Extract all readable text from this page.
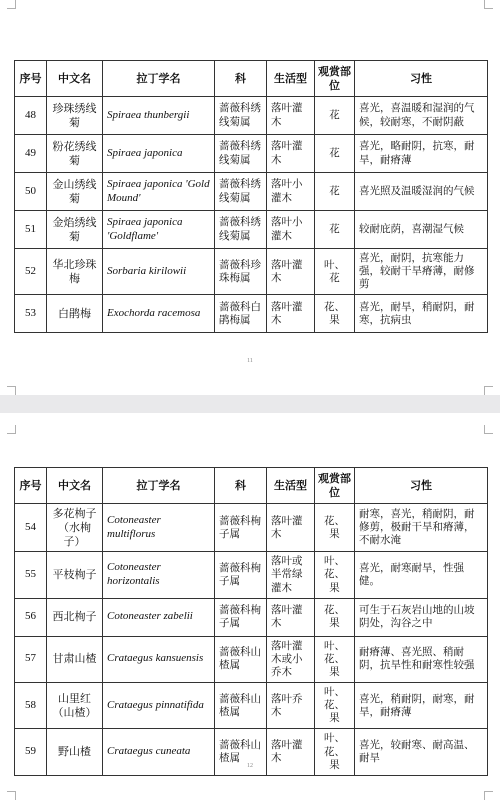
序号	中文名	拉丁学名	科	生活型	观赏部位	习性
48	珍珠绣线菊	Spiraea thunbergii	蔷薇科绣线菊属	落叶灌木	花	喜光，喜温暖和湿润的气候，较耐寒，不耐阴蔽
49	粉花绣线菊	Spiraea japonica	蔷薇科绣线菊属	落叶灌木	花	喜光，略耐阴，抗寒，耐旱，耐瘠薄
50	金山绣线菊	Spiraea japonica 'Gold Mound'	蔷薇科绣线菊属	落叶小灌木	花	喜光照及温暖湿润的气候
51	金焰绣线菊	Spiraea japonica 'Goldflame'	蔷薇科绣线菊属	落叶小灌木	花	较耐庇荫，喜潮湿气候
52	华北珍珠梅	Sorbaria kirilowii	蔷薇科珍珠梅属	落叶灌木	叶、花	喜光，耐阴，抗寒能力强，较耐干旱瘠薄，耐修剪
53	白鹃梅	Exochorda racemosa	蔷薇科白鹃梅属	落叶灌木	花、果	喜光，耐旱，稍耐阴，耐寒，抗病虫
11
序号	中文名	拉丁学名	科	生活型	观赏部位	习性
54	多花栒子（水栒子）	Cotoneaster multiflorus	蔷薇科栒子属	落叶灌木	花、果	耐寒，喜光，稍耐阴，耐修剪，极耐干旱和瘠薄，不耐水淹
55	平枝栒子	Cotoneaster horizontalis	蔷薇科栒子属	落叶或半常绿灌木	叶、花、果	喜光，耐寒耐旱，性强健。
56	西北栒子	Cotoneaster zabelii	蔷薇科栒子属	落叶灌木	花、果	可生于石灰岩山地的山坡阴处，沟谷之中
57	甘肃山楂	Crataegus kansuensis	蔷薇科山楂属	落叶灌木或小乔木	叶、花、果	耐瘠薄、喜光照、稍耐阴，抗旱性和耐寒性较强
58	山里红（山楂）	Crataegus pinnatifida	蔷薇科山楂属	落叶乔木	叶、花、果	喜光，稍耐阴，耐寒，耐旱，耐瘠薄
59	野山楂	Crataegus cuneata	蔷薇科山楂属	落叶灌木	叶、花、果	喜光，较耐寒、耐高温、耐旱
12
